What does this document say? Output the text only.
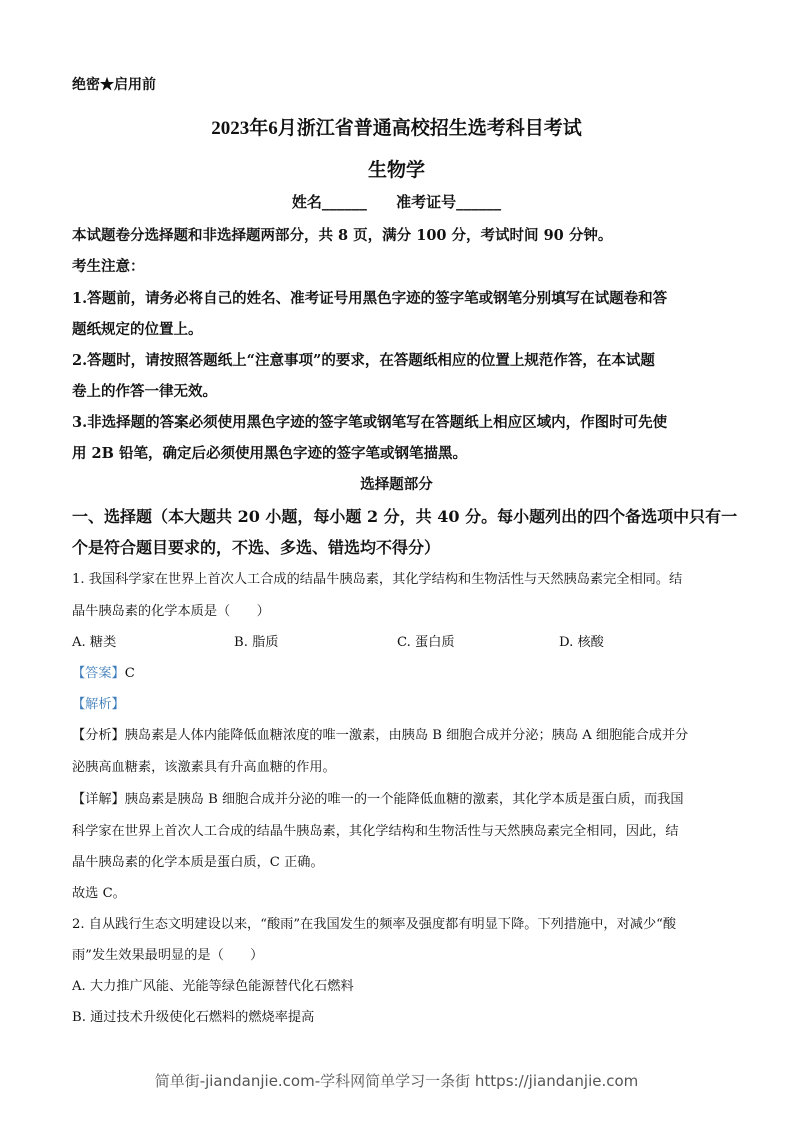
绝密★启用前
2023年6月浙江省普通高校招生选考科目考试
生物学
姓名______ 准考证号______
本试题卷分选择题和非选择题两部分，共 8 页，满分 100 分，考试时间 90 分钟。
考生注意：
1.答题前，请务必将自己的姓名、准考证号用黑色字迹的签字笔或钢笔分别填写在试题卷和答
题纸规定的位置上。
2.答题时，请按照答题纸上“注意事项”的要求，在答题纸相应的位置上规范作答，在本试题
卷上的作答一律无效。
3.非选择题的答案必须使用黑色字迹的签字笔或钢笔写在答题纸上相应区域内，作图时可先使
用 2B 铅笔，确定后必须使用黑色字迹的签字笔或钢笔描黑。
选择题部分
一、选择题（本大题共 20 小题，每小题 2 分，共 40 分。每小题列出的四个备选项中只有一
个是符合题目要求的，不选、多选、错选均不得分）
1. 我国科学家在世界上首次人工合成的结晶牛胰岛素，其化学结构和生物活性与天然胰岛素完全相同。结
晶牛胰岛素的化学本质是（　　）
A. 糖类	B. 脂质	C. 蛋白质	D. 核酸
【答案】C
【解析】
【分析】胰岛素是人体内能降低血糖浓度的唯一激素，由胰岛 B 细胞合成并分泌；胰岛 A 细胞能合成并分
泌胰高血糖素，该激素具有升高血糖的作用。
【详解】胰岛素是胰岛 B 细胞合成并分泌的唯一的一个能降低血糖的激素，其化学本质是蛋白质，而我国
科学家在世界上首次人工合成的结晶牛胰岛素，其化学结构和生物活性与天然胰岛素完全相同，因此，结
晶牛胰岛素的化学本质是蛋白质，C 正确。
故选 C。
2. 自从践行生态文明建设以来，“酸雨”在我国发生的频率及强度都有明显下降。下列措施中，对减少“酸
雨”发生效果最明显的是（　　）
A. 大力推广风能、光能等绿色能源替代化石燃料
B. 通过技术升级使化石燃料的燃烧率提高
简单街-jiandanjie.com-学科网简单学习一条街 https://jiandanjie.com
